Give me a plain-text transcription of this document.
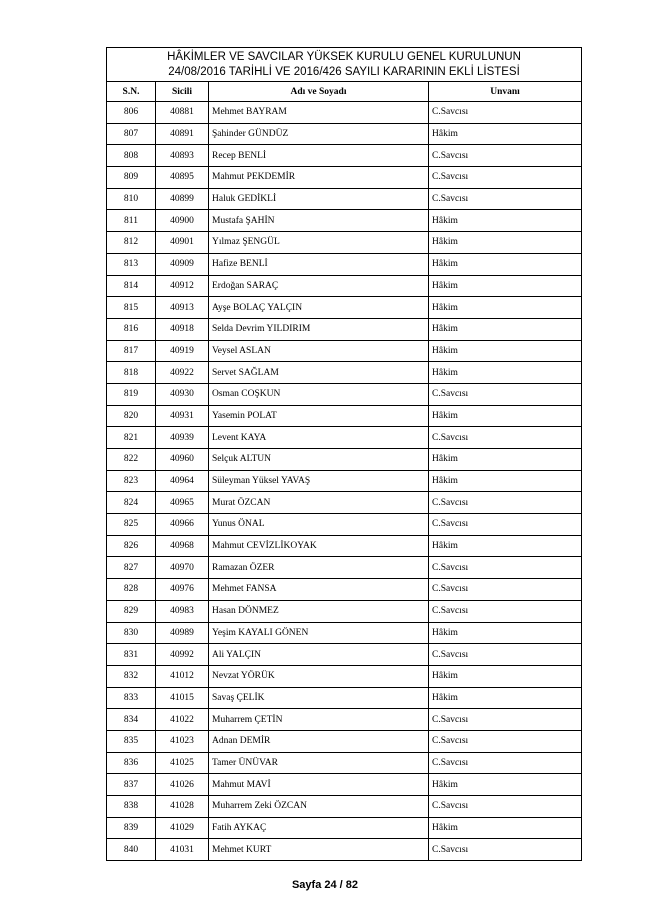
HÂKİMLER VE SAVCILAR YÜKSEK KURULU GENEL KURULUNUN
24/08/2016 TARİHLİ VE 2016/426 SAYILI KARARININ EKLİ LİSTESİ			

S.N.	Sicili	Adı ve Soyadı	Unvanı
806	40881	Mehmet BAYRAM	C.Savcısı
807	40891	Şahinder GÜNDÜZ	Hâkim
808	40893	Recep BENLİ	C.Savcısı
809	40895	Mahmut PEKDEMİR	C.Savcısı
810	40899	Haluk GEDİKLİ	C.Savcısı
811	40900	Mustafa ŞAHİN	Hâkim
812	40901	Yılmaz ŞENGÜL	Hâkim
813	40909	Hafize BENLİ	Hâkim
814	40912	Erdoğan SARAÇ	Hâkim
815	40913	Ayşe BOLAÇ YALÇIN	Hâkim
816	40918	Selda Devrim YILDIRIM	Hâkim
817	40919	Veysel ASLAN	Hâkim
818	40922	Servet SAĞLAM	Hâkim
819	40930	Osman COŞKUN	C.Savcısı
820	40931	Yasemin POLAT	Hâkim
821	40939	Levent KAYA	C.Savcısı
822	40960	Selçuk ALTUN	Hâkim
823	40964	Süleyman Yüksel YAVAŞ	Hâkim
824	40965	Murat ÖZCAN	C.Savcısı
825	40966	Yunus ÖNAL	C.Savcısı
826	40968	Mahmut CEVİZLİKOYAK	Hâkim
827	40970	Ramazan ÖZER	C.Savcısı
828	40976	Mehmet FANSA	C.Savcısı
829	40983	Hasan DÖNMEZ	C.Savcısı
830	40989	Yeşim KAYALI GÖNEN	Hâkim
831	40992	Ali YALÇIN	C.Savcısı
832	41012	Nevzat YÖRÜK	Hâkim
833	41015	Savaş ÇELİK	Hâkim
834	41022	Muharrem ÇETİN	C.Savcısı
835	41023	Adnan DEMİR	C.Savcısı
836	41025	Tamer ÜNÜVAR	C.Savcısı
837	41026	Mahmut MAVİ	Hâkim
838	41028	Muharrem Zeki ÖZCAN	C.Savcısı
839	41029	Fatih AYKAÇ	Hâkim
840	41031	Mehmet KURT	C.Savcısı
Sayfa 24 / 82
